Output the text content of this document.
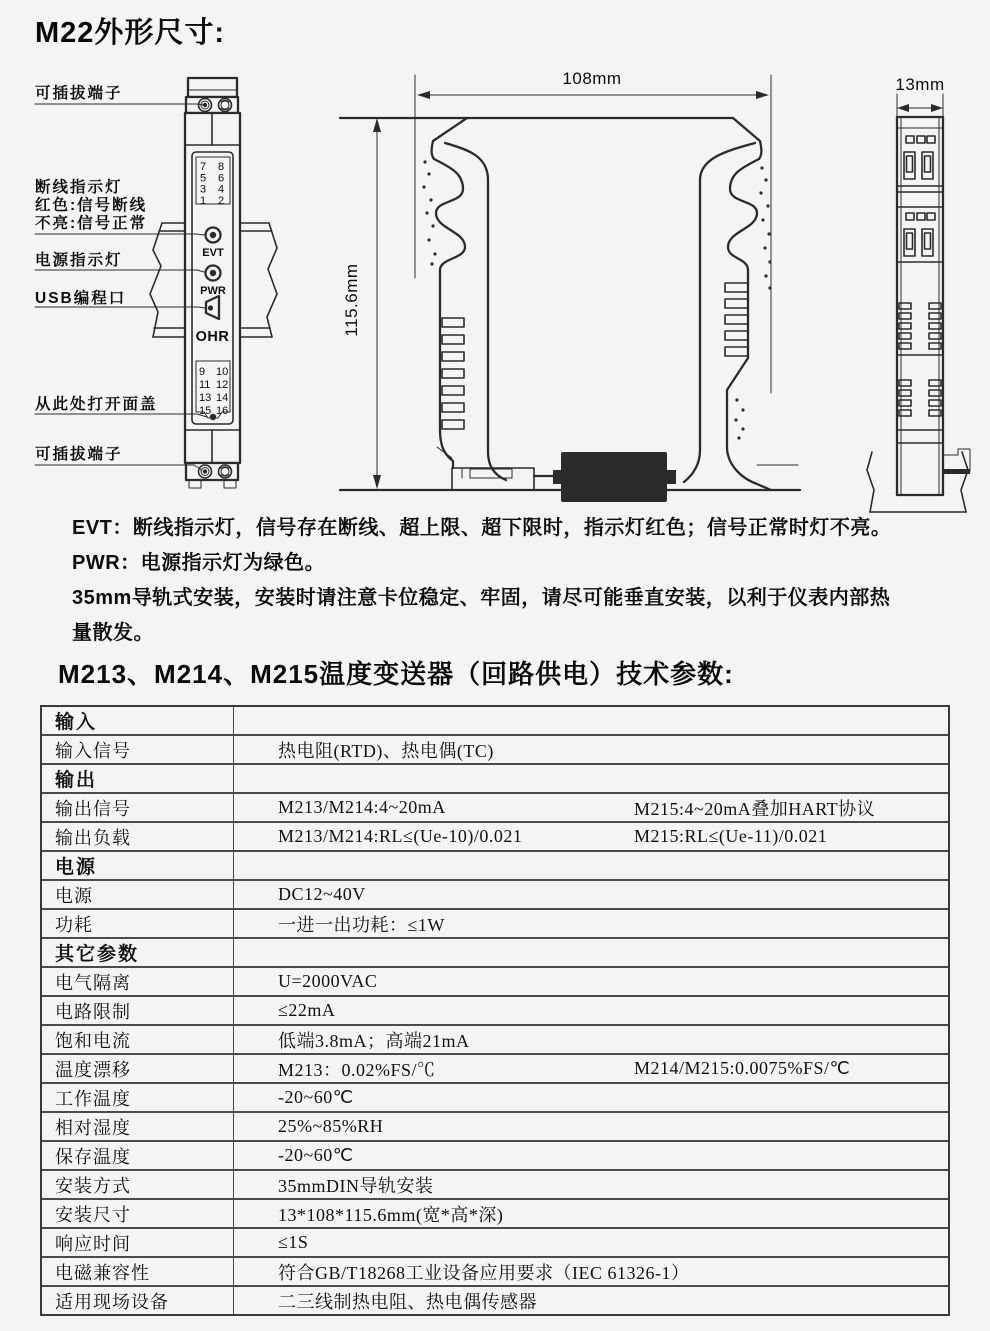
M22外形尺寸:
7 8
5 6
3 4
1 2
9 10
11 12
13 14
15 16
EVT
PWR
OHR
可插拔端子
断线指示灯
红色:信号断线
不亮:信号正常
电源指示灯
USB编程口
从此处打开面盖
可插拔端子
108mm
115.6mm
13mm
EVT：断线指示灯，信号存在断线、超上限、超下限时，指示灯红色；信号正常时灯不亮。
PWR：电源指示灯为绿色。
35mm导轨式安装，安装时请注意卡位稳定、牢固，请尽可能垂直安装，以利于仪表内部热
量散发。
M213、M214、M215温度变送器（回路供电）技术参数:
输入
输入信号	热电阻(RTD)、热电偶(TC)
输出
输出信号	M213/M214:4~20mA	M215:4~20mA叠加HART协议
输出负载	M213/M214:RL≤(Ue-10)/0.021	M215:RL≤(Ue-11)/0.021
电源
电源	DC12~40V
功耗	一进一出功耗：≤1W
其它参数
电气隔离	U=2000VAC
电路限制	≤22mA
饱和电流	低端3.8mA；高端21mA
温度漂移	M213：0.02%FS/℃	M214/M215:0.0075%FS/℃
工作温度	-20~60℃
相对湿度	25%~85%RH
保存温度	-20~60℃
安装方式	35mmDIN导轨安装
安装尺寸	13*108*115.6mm(宽*高*深)
响应时间	≤1S
电磁兼容性	符合GB/T18268工业设备应用要求（IEC 61326-1）
适用现场设备	二三线制热电阻、热电偶传感器
